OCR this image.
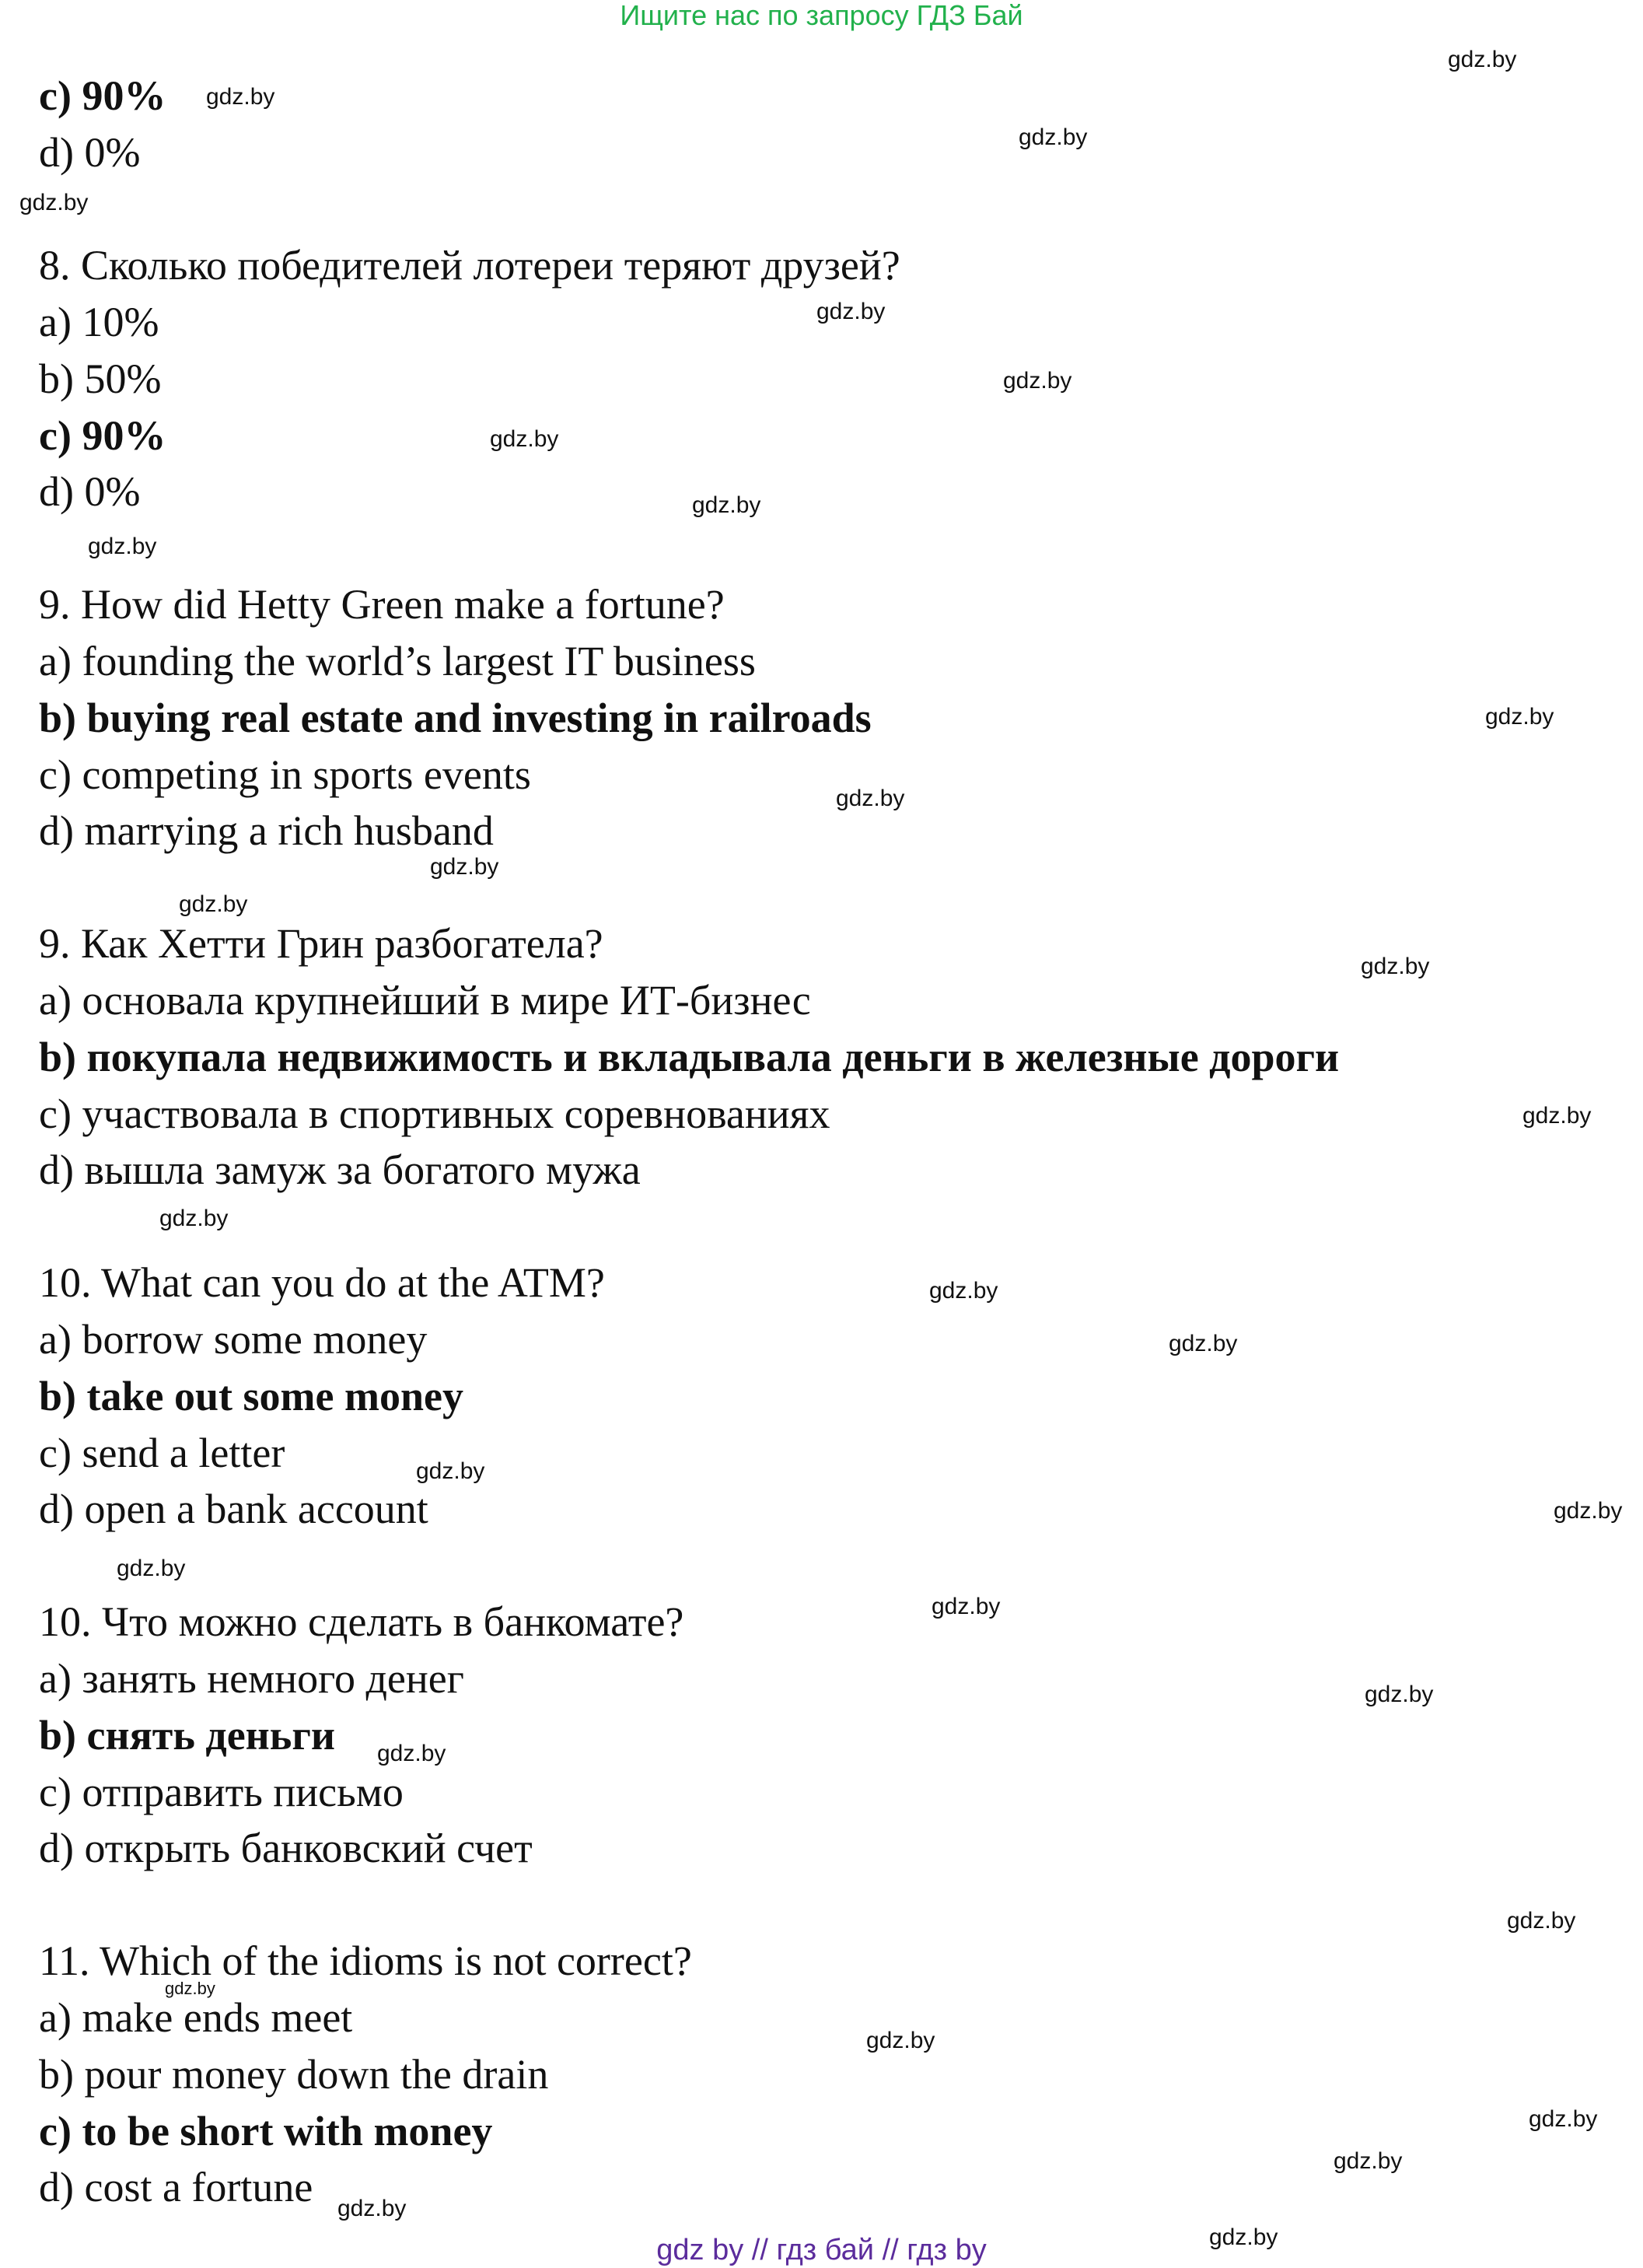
Ищите нас по запросу ГДЗ Бай
c) 90%
d) 0%
8. Сколько победителей лотереи теряют друзей?
a) 10%
b) 50%
c) 90%
d) 0%
9. How did Hetty Green make a fortune?
a) founding the world’s largest IT business
b) buying real estate and investing in railroads
c) competing in sports events
d) marrying a rich husband
9. Как Хетти Грин разбогатела?
a) основала крупнейший в мире ИТ-бизнес
b) покупала недвижимость и вкладывала деньги в железные дороги
c) участвовала в спортивных соревнованиях
d) вышла замуж за богатого мужа
10. What can you do at the ATM?
a) borrow some money
b) take out some money
c) send a letter
d) open a bank account
10. Что можно сделать в банкомате?
a) занять немного денег
b) снять деньги
c) отправить письмо
d) открыть банковский счет
11. Which of the idioms is not correct?
a) make ends meet
b) pour money down the drain
c) to be short with money
d) cost a fortune
gdz.by
gdz.by
gdz.by
gdz.by
gdz.by
gdz.by
gdz.by
gdz.by
gdz.by
gdz.by
gdz.by
gdz.by
gdz.by
gdz.by
gdz.by
gdz.by
gdz.by
gdz.by
gdz.by
gdz.by
gdz.by
gdz.by
gdz.by
gdz.by
gdz.by
gdz.by
gdz.by
gdz.by
gdz.by
gdz.by
gdz.by
gdz by // гдз бай // гдз by
